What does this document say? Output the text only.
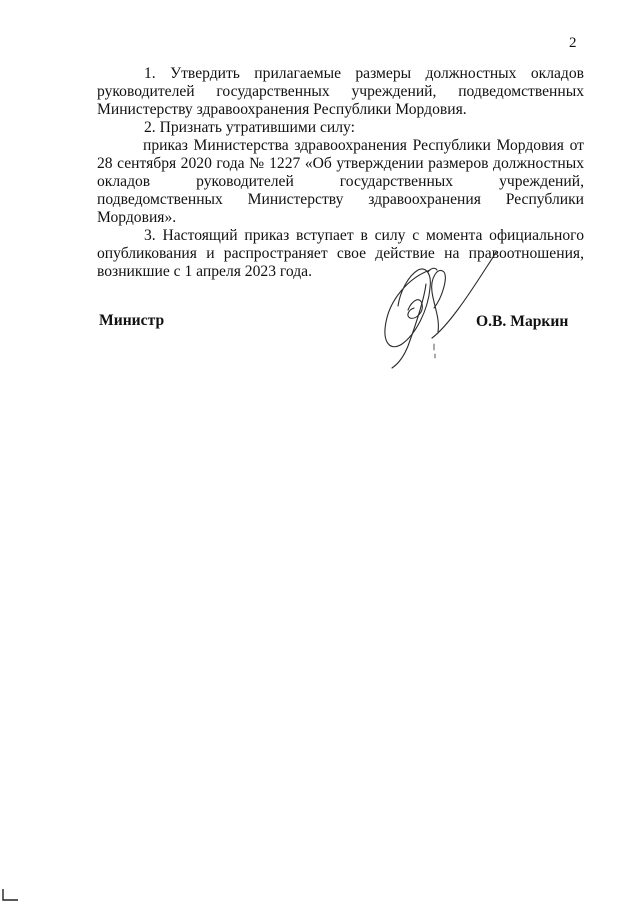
2

1. Утвердить прилагаемые размеры должностных окладов руководителей государственных учреждений, подведомственных Министерству здравоохранения Республики Мордовия.

2. Признать утратившими силу:

приказ Министерства здравоохранения Республики Мордовия от 28 сентября 2020 года № 1227 «Об утверждении размеров должностных окладов руководителей государственных учреждений, подведомственных Министерству здравоохранения Республики Мордовия».

3. Настоящий приказ вступает в силу с момента официального опубликования и распространяет свое действие на правоотношения, возникшие с 1 апреля 2023 года.

Министр	О.В. Маркин
